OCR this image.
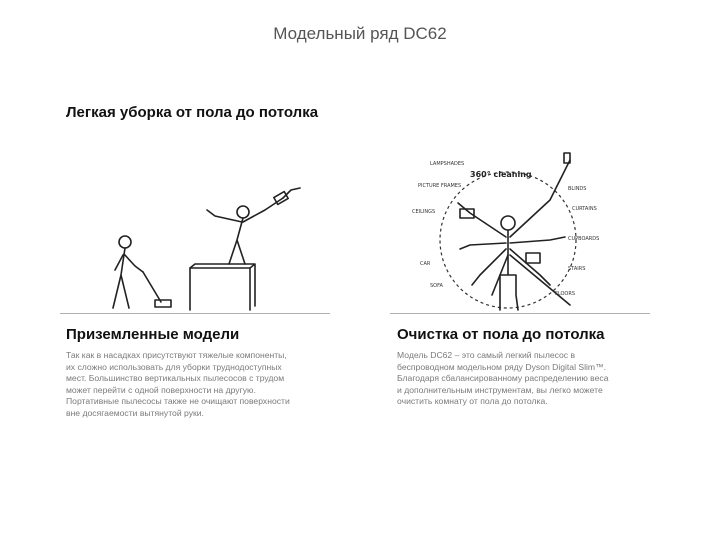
Модельный ряд DC62
Легкая уборка от пола до потолка
360° cleaning
LAMPSHADES
PICTURE FRAMES	BLINDS
CURTAINS
CUPBOARDS
STAIRS
CAR
FLOORS
CEILINGS
SOFA
Приземленные модели	Очистка от пола до потолка
Так как в насадках присутствуют тяжелые компоненты,
их сложно использовать для уборки труднодоступных
мест. Большинство вертикальных пылесосов с трудом
может перейти с одной поверхности на другую.
Портативные пылесосы также не очищают поверхности
вне досягаемости вытянутой руки.
Модель DC62 – это самый легкий пылесос в
беспроводном модельном ряду Dyson Digital Slim™.
Благодаря сбалансированному распределению веса
и дополнительным инструментам, вы легко можете
очистить комнату от пола до потолка.
